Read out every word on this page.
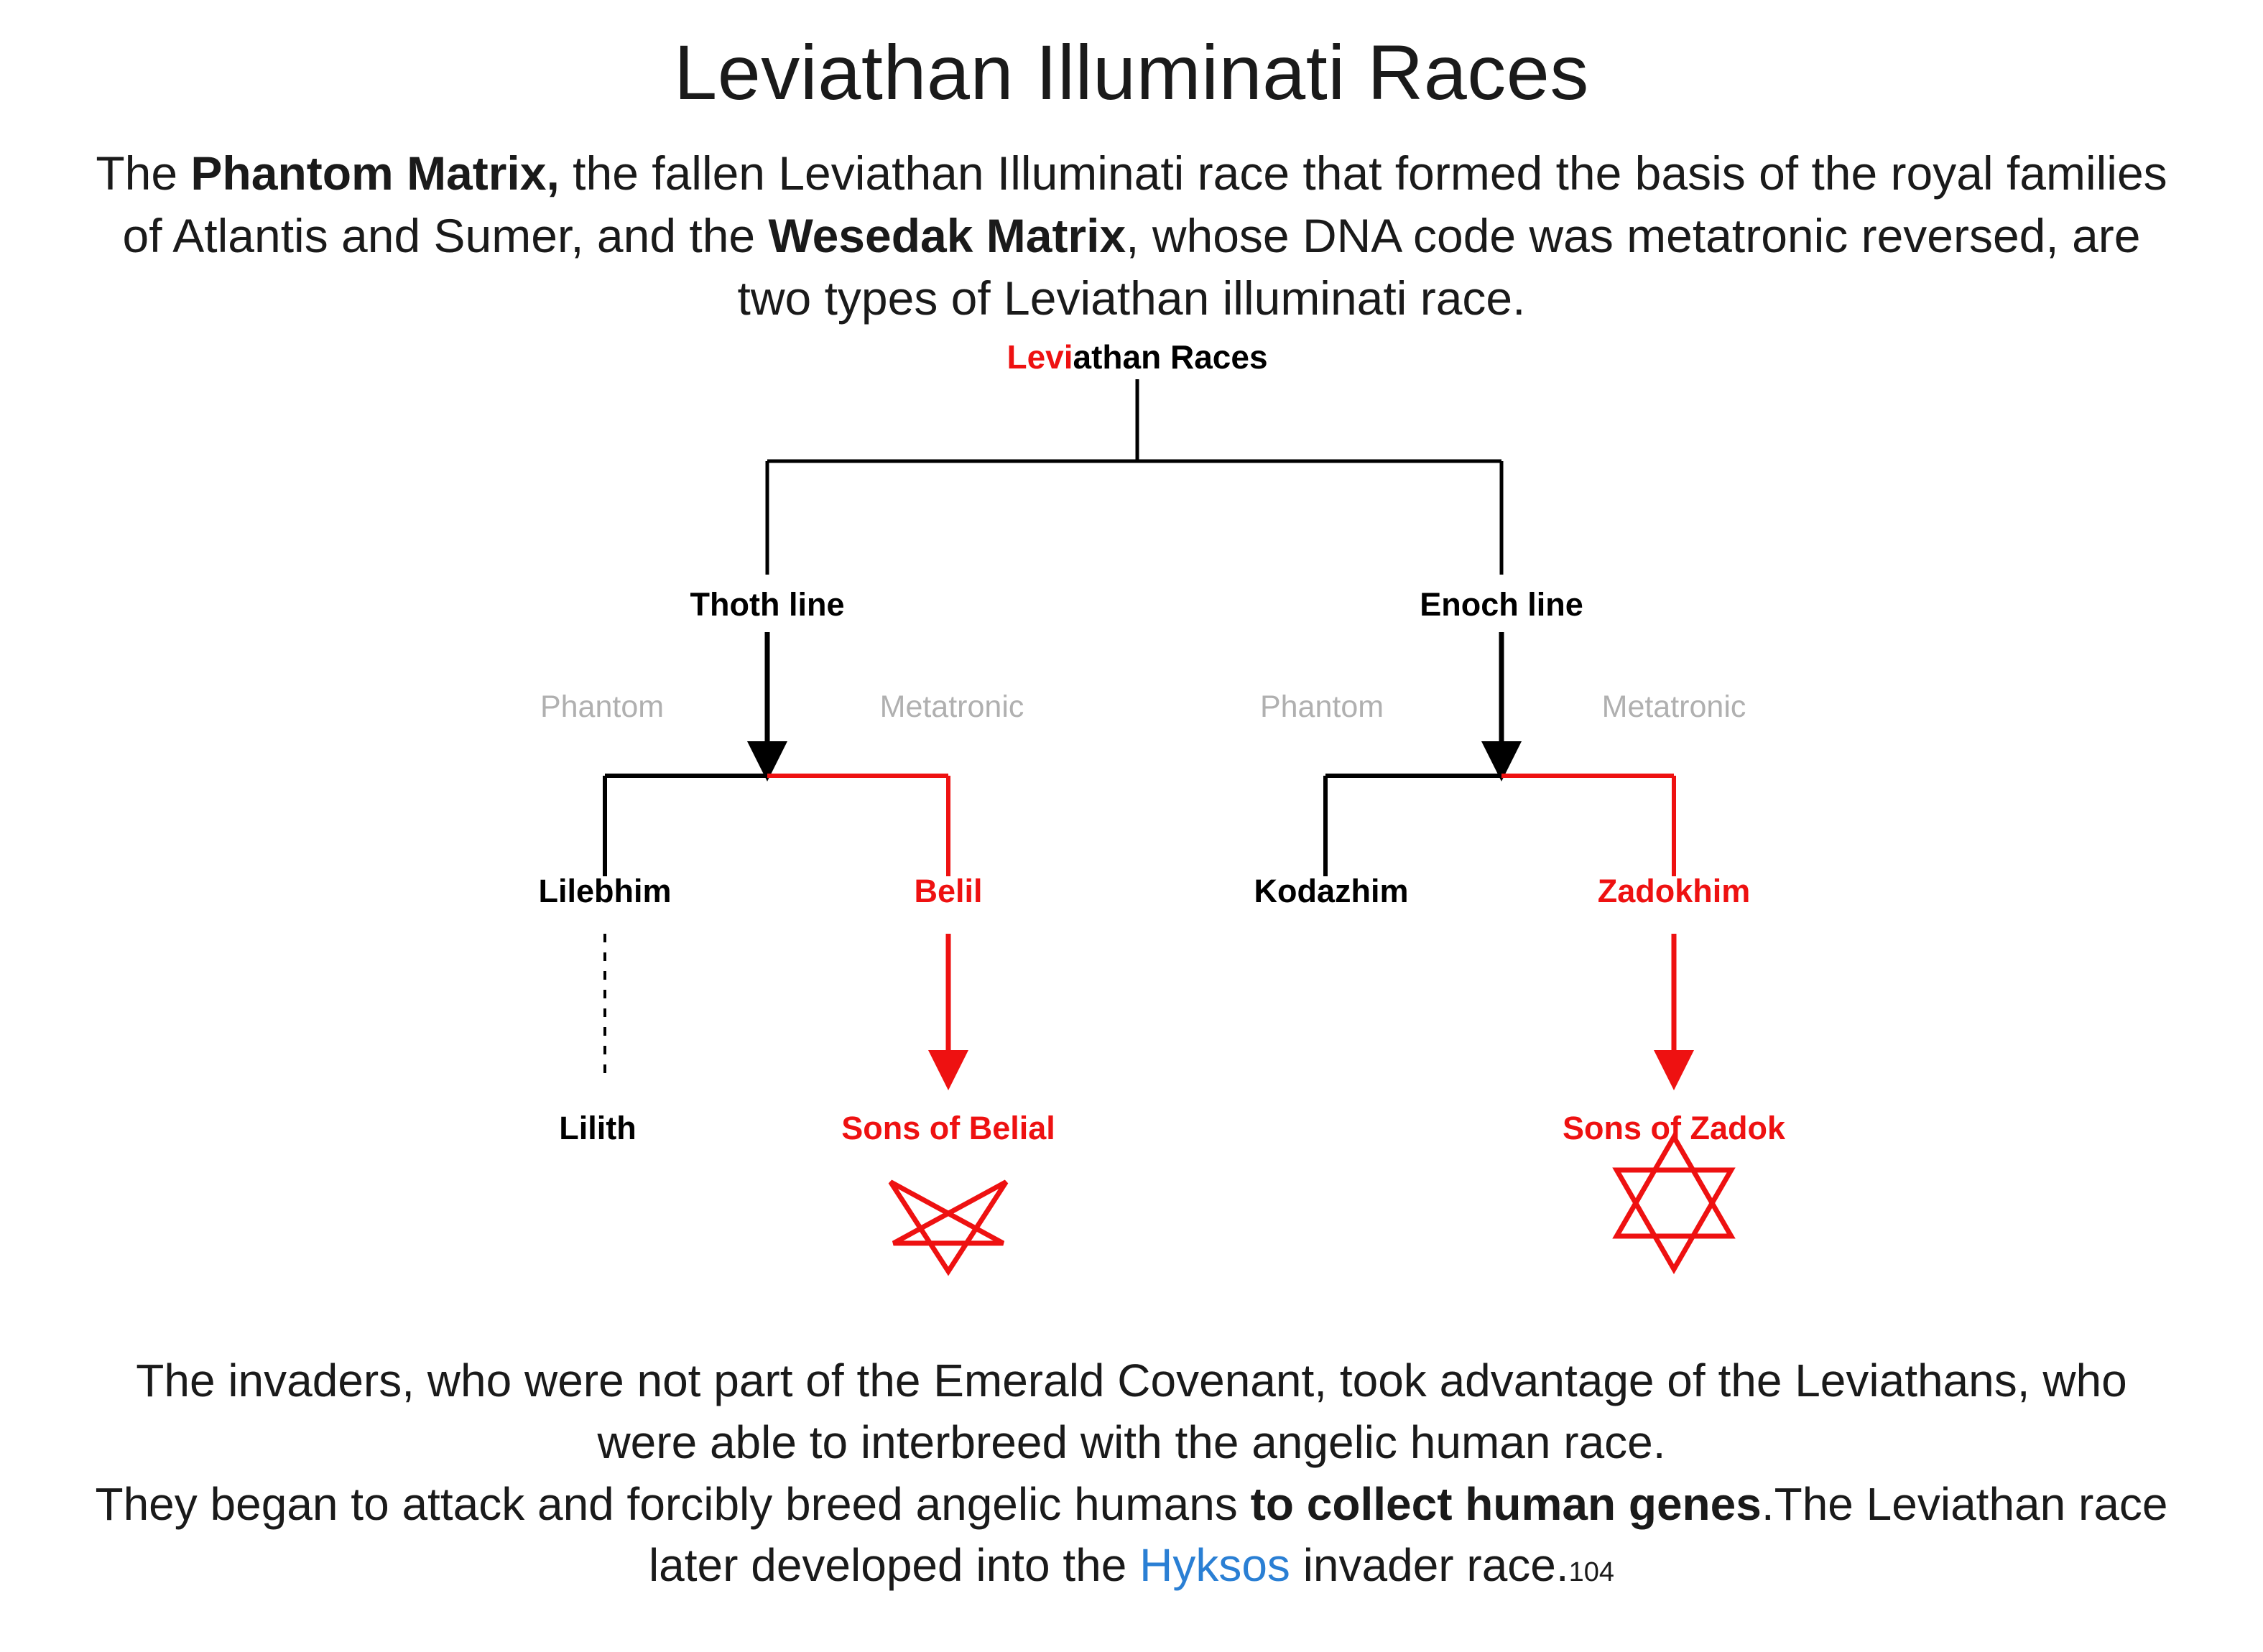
Leviathan Illuminati Races
The Phantom Matrix, the fallen Leviathan Illuminati race that formed the basis of the royal families of Atlantis and Sumer, and the Wesedak Matrix, whose DNA code was metatronic reversed, are two types of Leviathan illuminati race.
Leviathan Races
Thoth line	Enoch line
Phantom	Metatronic	Phantom	Metatronic
Lilebhim	Belil	Kodazhim	Zadokhim
Lilith	Sons of Belial	Sons of Zadok
The invaders, who were not part of the Emerald Covenant, took advantage of the Leviathans, who were able to interbreed with the angelic human race.
They began to attack and forcibly breed angelic humans to collect human genes.The Leviathan race later developed into the Hyksos invader race.104
